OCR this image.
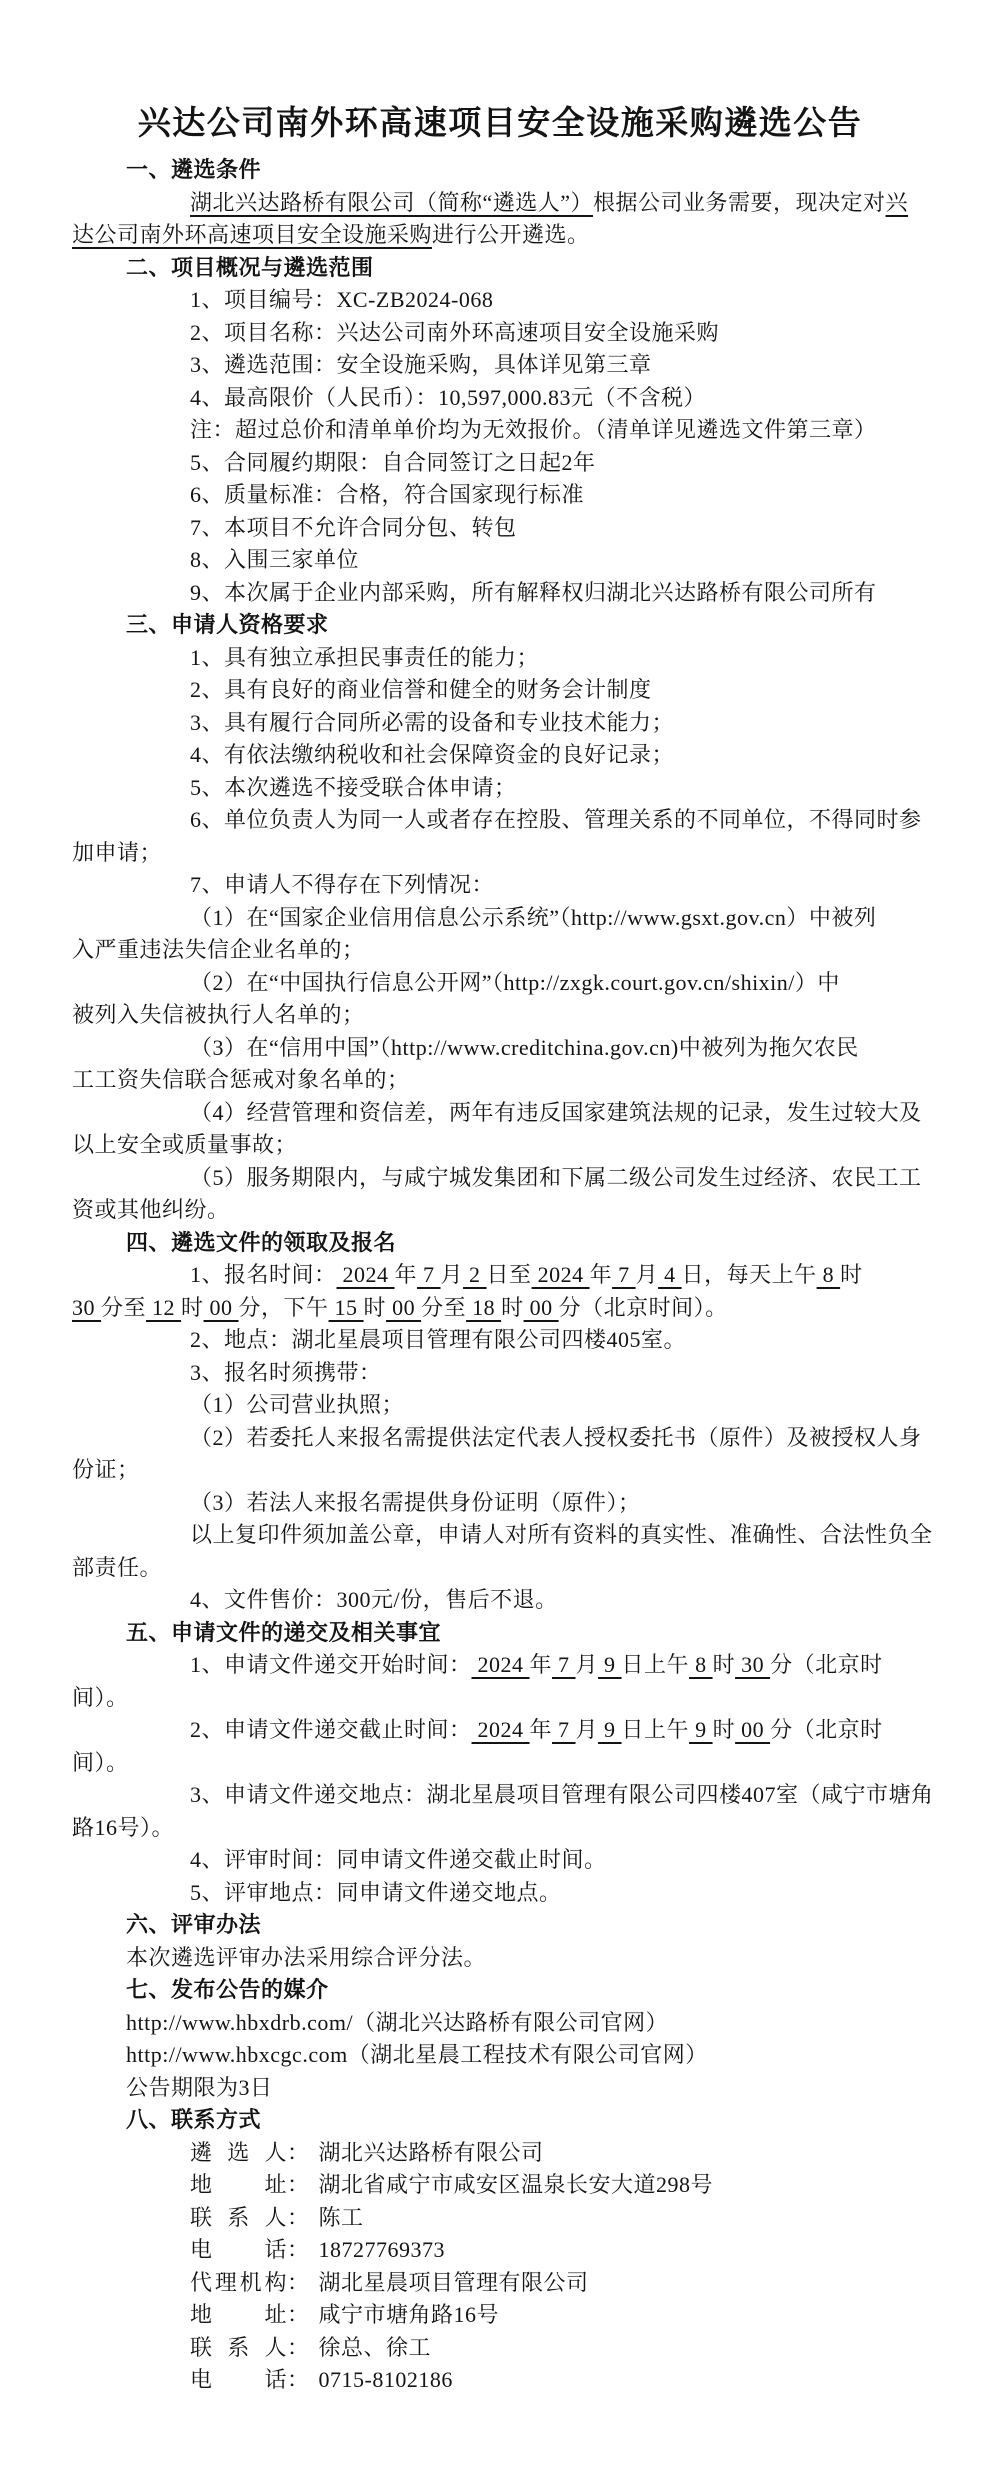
兴达公司南外环高速项目安全设施采购遴选公告
一、遴选条件
湖北兴达路桥有限公司（简称“遴选人”）根据公司业务需要，现决定对兴
达公司南外环高速项目安全设施采购进行公开遴选。
二、项目概况与遴选范围
1、项目编号：XC-ZB2024-068
2、项目名称：兴达公司南外环高速项目安全设施采购
3、遴选范围：安全设施采购，具体详见第三章
4、最高限价（人民币）：10,597,000.83元（不含税）
注：超过总价和清单单价均为无效报价。（清单详见遴选文件第三章）
5、合同履约期限：自合同签订之日起2年
6、质量标准：合格，符合国家现行标准
7、本项目不允许合同分包、转包
8、入围三家单位
9、本次属于企业内部采购，所有解释权归湖北兴达路桥有限公司所有
三、申请人资格要求
1、具有独立承担民事责任的能力；
2、具有良好的商业信誉和健全的财务会计制度
3、具有履行合同所必需的设备和专业技术能力；
4、有依法缴纳税收和社会保障资金的良好记录；
5、本次遴选不接受联合体申请；
6、单位负责人为同一人或者存在控股、管理关系的不同单位，不得同时参
加申请；
7、申请人不得存在下列情况：
（1）在“国家企业信用信息公示系统”（http://www.gsxt.gov.cn）中被列
入严重违法失信企业名单的；
（2）在“中国执行信息公开网”（http://zxgk.court.gov.cn/shixin/）中
被列入失信被执行人名单的；
（3）在“信用中国”（http://www.creditchina.gov.cn)中被列为拖欠农民
工工资失信联合惩戒对象名单的；
（4）经营管理和资信差，两年有违反国家建筑法规的记录，发生过较大及
以上安全或质量事故；
（5）服务期限内，与咸宁城发集团和下属二级公司发生过经济、农民工工
资或其他纠纷。
四、遴选文件的领取及报名
1、报名时间： 2024 年 7 月 2 日至 2024 年 7 月 4 日，每天上午 8 时
30 分至 12 时 00 分，下午 15 时 00 分至 18 时 00 分（北京时间）。
2、地点：湖北星晨项目管理有限公司四楼405室。
3、报名时须携带：
（1）公司营业执照；
（2）若委托人来报名需提供法定代表人授权委托书（原件）及被授权人身
份证；
（3）若法人来报名需提供身份证明（原件）；
以上复印件须加盖公章，申请人对所有资料的真实性、准确性、合法性负全
部责任。
4、文件售价：300元/份，售后不退。
五、申请文件的递交及相关事宜
1、申请文件递交开始时间： 2024 年 7 月 9 日上午 8 时 30 分（北京时
间）。
2、申请文件递交截止时间： 2024 年 7 月 9 日上午 9 时 00 分（北京时
间）。
3、申请文件递交地点：湖北星晨项目管理有限公司四楼407室（咸宁市塘角
路16号）。
4、评审时间：同申请文件递交截止时间。
5、评审地点：同申请文件递交地点。
六、评审办法
本次遴选评审办法采用综合评分法。
七、发布公告的媒介
http://www.hbxdrb.com/（湖北兴达路桥有限公司官网）
http://www.hbxcgc.com（湖北星晨工程技术有限公司官网）
公告期限为3日
八、联系方式
遴选人： 湖北兴达路桥有限公司
地址： 湖北省咸宁市咸安区温泉长安大道298号
联系人： 陈工
电话： 18727769373
代理机构： 湖北星晨项目管理有限公司
地址： 咸宁市塘角路16号
联系人： 徐总、徐工
电话： 0715-8102186
